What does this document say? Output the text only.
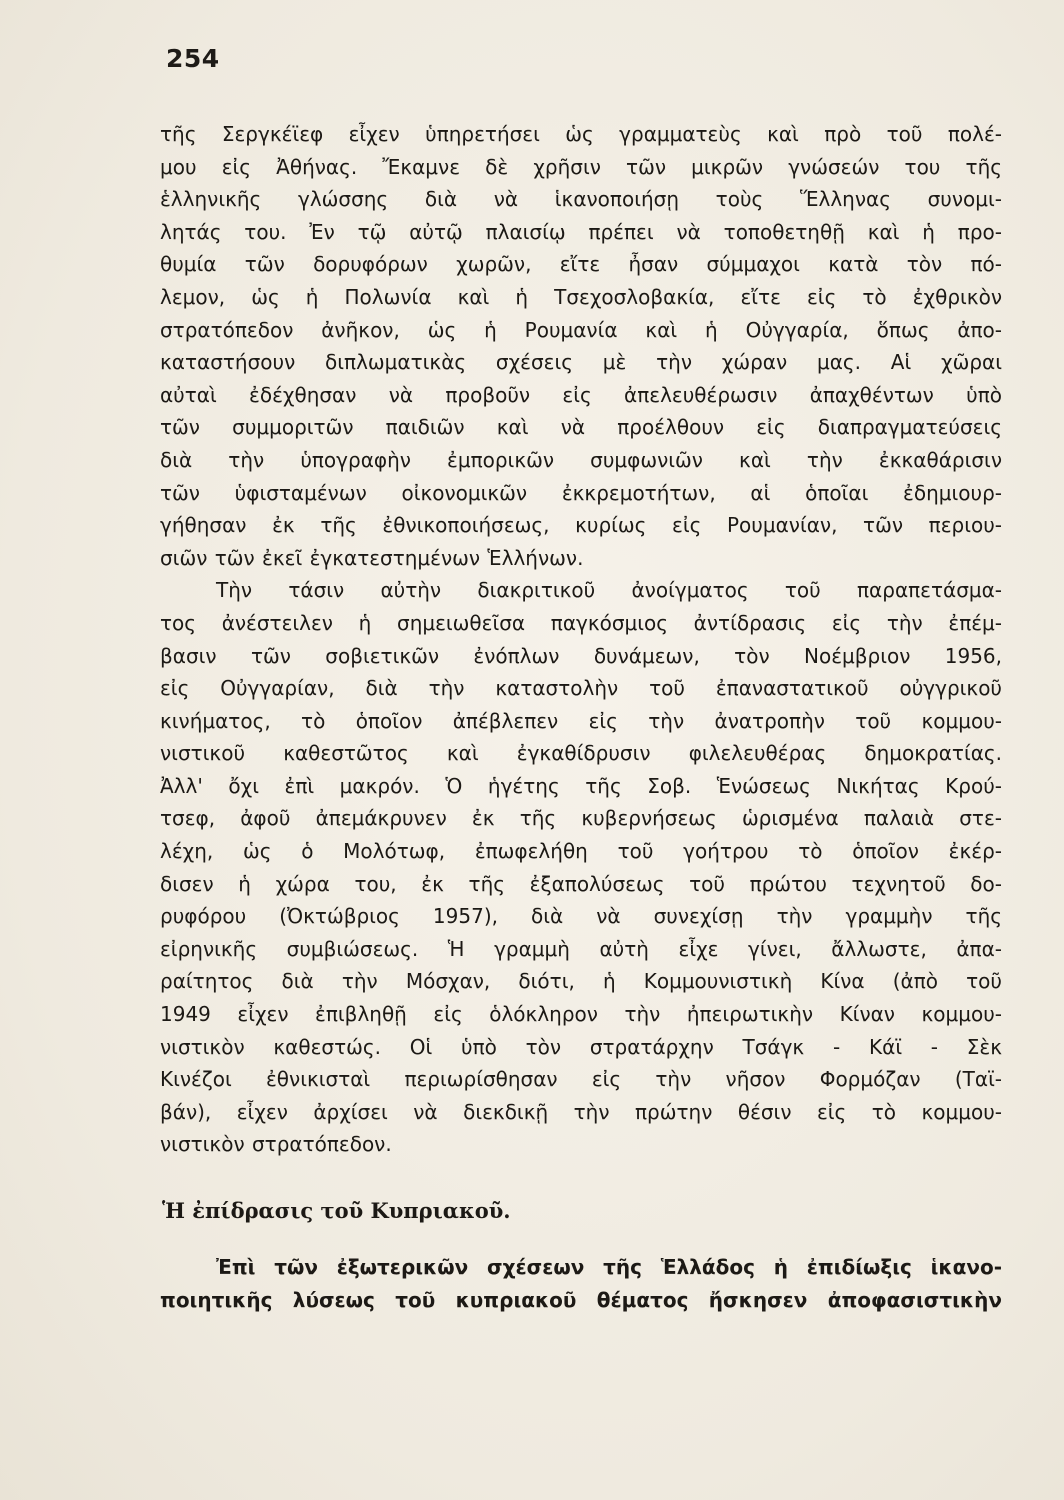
254
τῆς Σεργκέϊεφ εἶχεν ὑπηρετήσει ὡς γραμματεὺς καὶ πρὸ τοῦ πολέ-
μου εἰς Ἀθήνας. Ἔκαμνε δὲ χρῆσιν τῶν μικρῶν γνώσεών του τῆς
ἑλληνικῆς γλώσσης διὰ νὰ ἱκανοποιήσῃ τοὺς Ἕλληνας συνομι-
λητάς του. Ἐν τῷ αὐτῷ πλαισίῳ πρέπει νὰ τοποθετηθῇ καὶ ἡ προ-
θυμία τῶν δορυφόρων χωρῶν, εἴτε ἦσαν σύμμαχοι κατὰ τὸν πό-
λεμον, ὡς ἡ Πολωνία καὶ ἡ Τσεχοσλοβακία, εἴτε εἰς τὸ ἐχθρικὸν
στρατόπεδον ἀνῆκον, ὡς ἡ Ρουμανία καὶ ἡ Οὐγγαρία, ὅπως ἀπο-
καταστήσουν διπλωματικὰς σχέσεις μὲ τὴν χώραν μας. Αἱ χῶραι
αὐταὶ ἐδέχθησαν νὰ προβοῦν εἰς ἀπελευθέρωσιν ἀπαχθέντων ὑπὸ
τῶν συμμοριτῶν παιδιῶν καὶ νὰ προέλθουν εἰς διαπραγματεύσεις
διὰ τὴν ὑπογραφὴν ἐμπορικῶν συμφωνιῶν καὶ τὴν ἐκκαθάρισιν
τῶν ὑφισταμένων οἰκονομικῶν ἐκκρεμοτήτων, αἱ ὁποῖαι ἐδημιουρ-
γήθησαν ἐκ τῆς ἐθνικοποιήσεως, κυρίως εἰς Ρουμανίαν, τῶν περιου-
σιῶν τῶν ἐκεῖ ἐγκατεστημένων Ἑλλήνων.
Τὴν τάσιν αὐτὴν διακριτικοῦ ἀνοίγματος τοῦ παραπετάσμα-
τος ἀνέστειλεν ἡ σημειωθεῖσα παγκόσμιος ἀντίδρασις εἰς τὴν ἐπέμ-
βασιν τῶν σοβιετικῶν ἐνόπλων δυνάμεων, τὸν Νοέμβριον 1956,
εἰς Οὐγγαρίαν, διὰ τὴν καταστολὴν τοῦ ἐπαναστατικοῦ οὐγγρικοῦ
κινήματος, τὸ ὁποῖον ἀπέβλεπεν εἰς τὴν ἀνατροπὴν τοῦ κομμου-
νιστικοῦ καθεστῶτος καὶ ἐγκαθίδρυσιν φιλελευθέρας δημοκρατίας.
Ἀλλ' ὄχι ἐπὶ μακρόν. Ὁ ἡγέτης τῆς Σοβ. Ἑνώσεως Νικήτας Κρού-
τσεφ, ἀφοῦ ἀπεμάκρυνεν ἐκ τῆς κυβερνήσεως ὡρισμένα παλαιὰ στε-
λέχη, ὡς ὁ Μολότωφ, ἐπωφελήθη τοῦ γοήτρου τὸ ὁποῖον ἐκέρ-
δισεν ἡ χώρα του, ἐκ τῆς ἐξαπολύσεως τοῦ πρώτου τεχνητοῦ δο-
ρυφόρου (Ὀκτώβριος 1957), διὰ νὰ συνεχίσῃ τὴν γραμμὴν τῆς
εἰρηνικῆς συμβιώσεως. Ἡ γραμμὴ αὐτὴ εἶχε γίνει, ἄλλωστε, ἀπα-
ραίτητος διὰ τὴν Μόσχαν, διότι, ἡ Κομμουνιστικὴ Κίνα (ἀπὸ τοῦ
1949 εἶχεν ἐπιβληθῇ εἰς ὁλόκληρον τὴν ἠπειρωτικὴν Κίναν κομμου-
νιστικὸν καθεστώς. Οἱ ὑπὸ τὸν στρατάρχην Τσάγκ - Κάϊ - Σὲκ
Κινέζοι ἐθνικισταὶ περιωρίσθησαν εἰς τὴν νῆσον Φορμόζαν (Ταϊ-
βάν), εἶχεν ἀρχίσει νὰ διεκδικῇ τὴν πρώτην θέσιν εἰς τὸ κομμου-
νιστικὸν στρατόπεδον.
Ἡ ἐπίδρασις τοῦ Κυπριακοῦ.
Ἐπὶ τῶν ἐξωτερικῶν σχέσεων τῆς Ἑλλάδος ἡ ἐπιδίωξις ἱκανο-
ποιητικῆς λύσεως τοῦ κυπριακοῦ θέματος ἤσκησεν ἀποφασιστικὴν
